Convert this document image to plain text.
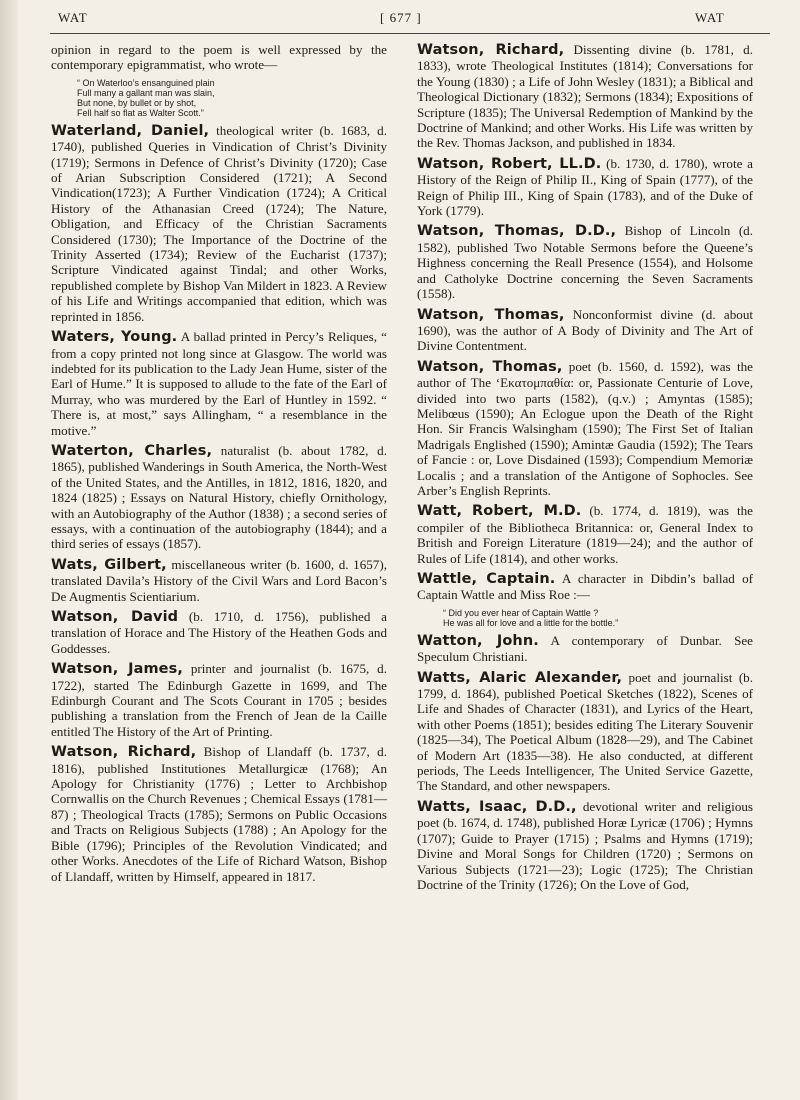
WAT	[ 677 ]	WAT

opinion in regard to the poem is well expressed by the contemporary epigrammatist, who wrote—

“ On Waterloo’s ensanguined plain
Full many a gallant man was slain,
But none, by bullet or by shot,
Fell half so flat as Walter Scott.”

Waterland, Daniel, theological writer (b. 1683, d. 1740), published Queries in Vindication of Christ’s Divinity (1719); Sermons in Defence of Christ’s Divinity (1720); Case of Arian Subscription Considered (1721); A Second Vindication(1723); A Further Vindication (1724); A Critical History of the Athanasian Creed (1724); The Nature, Obligation, and Efficacy of the Christian Sacraments Considered (1730); The Importance of the Doctrine of the Trinity Asserted (1734); Review of the Eucharist (1737); Scripture Vindicated against Tindal; and other Works, republished complete by Bishop Van Mildert in 1823. A Review of his Life and Writings accompanied that edition, which was reprinted in 1856.

Waters, Young. A ballad printed in Percy’s Reliques, “ from a copy printed not long since at Glasgow. The world was indebted for its publication to the Lady Jean Hume, sister of the Earl of Hume.” It is supposed to allude to the fate of the Earl of Murray, who was murdered by the Earl of Huntley in 1592. “ There is, at most,” says Allingham, “ a resemblance in the motive.”

Waterton, Charles, naturalist (b. about 1782, d. 1865), published Wanderings in South America, the North-West of the United States, and the Antilles, in 1812, 1816, 1820, and 1824 (1825) ; Essays on Natural History, chiefly Ornithology, with an Autobiography of the Author (1838) ; a second series of essays, with a continuation of the autobiography (1844); and a third series of essays (1857).

Wats, Gilbert, miscellaneous writer (b. 1600, d. 1657), translated Davila’s History of the Civil Wars and Lord Bacon’s De Augmentis Scientiarium.

Watson, David (b. 1710, d. 1756), published a translation of Horace and The History of the Heathen Gods and Goddesses.

Watson, James, printer and journalist (b. 1675, d. 1722), started The Edinburgh Gazette in 1699, and The Edinburgh Courant and The Scots Courant in 1705 ; besides publishing a translation from the French of Jean de la Caille entitled The History of the Art of Printing.

Watson, Richard, Bishop of Llandaff (b. 1737, d. 1816), published Institutiones Metallurgicæ (1768); An Apology for Christianity (1776) ; Letter to Archbishop Cornwallis on the Church Revenues ; Chemical Essays (1781—87) ; Theological Tracts (1785); Sermons on Public Occasions and Tracts on Religious Subjects (1788) ; An Apology for the Bible (1796); Principles of the Revolution Vindicated; and other Works. Anecdotes of the Life of Richard Watson, Bishop of Llandaff, written by Himself, appeared in 1817.

Watson, Richard, Dissenting divine (b. 1781, d. 1833), wrote Theological Institutes (1814); Conversations for the Young (1830) ; a Life of John Wesley (1831); a Biblical and Theological Dictionary (1832); Sermons (1834); Expositions of Scripture (1835); The Universal Redemption of Mankind by the Doctrine of Mankind; and other Works. His Life was written by the Rev. Thomas Jackson, and published in 1834.

Watson, Robert, LL.D. (b. 1730, d. 1780), wrote a History of the Reign of Philip II., King of Spain (1777), of the Reign of Philip III., King of Spain (1783), and of the Duke of York (1779).

Watson, Thomas, D.D., Bishop of Lincoln (d. 1582), published Two Notable Sermons before the Queene’s Highness concerning the Reall Presence (1554), and Holsome and Catholyke Doctrine concerning the Seven Sacraments (1558).

Watson, Thomas, Nonconformist divine (d. about 1690), was the author of A Body of Divinity and The Art of Divine Contentment.

Watson, Thomas, poet (b. 1560, d. 1592), was the author of The ‘Εκατομπαθία: or, Passionate Centurie of Love, divided into two parts (1582), (q.v.) ; Amyntas (1585); Melibœus (1590); An Eclogue upon the Death of the Right Hon. Sir Francis Walsingham (1590); The First Set of Italian Madrigals Englished (1590); Amintæ Gaudia (1592); The Tears of Fancie : or, Love Disdained (1593); Compendium Memoriæ Localis ; and a translation of the Antigone of Sophocles. See Arber’s English Reprints.

Watt, Robert, M.D. (b. 1774, d. 1819), was the compiler of the Bibliotheca Britannica: or, General Index to British and Foreign Literature (1819—24); and the author of Rules of Life (1814), and other works.

Wattle, Captain. A character in Dibdin’s ballad of Captain Wattle and Miss Roe :—

“ Did you ever hear of Captain Wattle ?
He was all for love and a little for the bottle.”

Watton, John. A contemporary of Dunbar. See Speculum Christiani.

Watts, Alaric Alexander, poet and journalist (b. 1799, d. 1864), published Poetical Sketches (1822), Scenes of Life and Shades of Character (1831), and Lyrics of the Heart, with other Poems (1851); besides editing The Literary Souvenir (1825—34), The Poetical Album (1828—29), and The Cabinet of Modern Art (1835—38). He also conducted, at different periods, The Leeds Intelligencer, The United Service Gazette, The Standard, and other newspapers.

Watts, Isaac, D.D., devotional writer and religious poet (b. 1674, d. 1748), published Horæ Lyricæ (1706) ; Hymns (1707); Guide to Prayer (1715) ; Psalms and Hymns (1719); Divine and Moral Songs for Children (1720) ; Sermons on Various Subjects (1721—23); Logic (1725); The Christian Doctrine of the Trinity (1726); On the Love of God,
